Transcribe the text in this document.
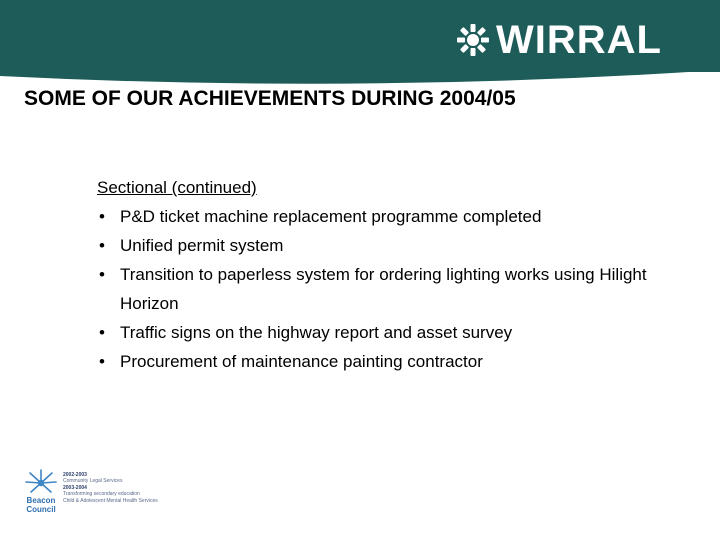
WIRRAL
SOME OF OUR ACHIEVEMENTS DURING 2004/05
Sectional (continued)
• P&D ticket machine replacement programme completed
• Unified permit system
• Transition to paperless system for ordering lighting works using Hilight Horizon
• Traffic signs on the highway report and asset survey
• Procurement of maintenance painting contractor
Beacon
Council
2002-2003
Community Legal Services
2003-2004
Transforming secondary education
Child & Adolescent Mental Health Services
